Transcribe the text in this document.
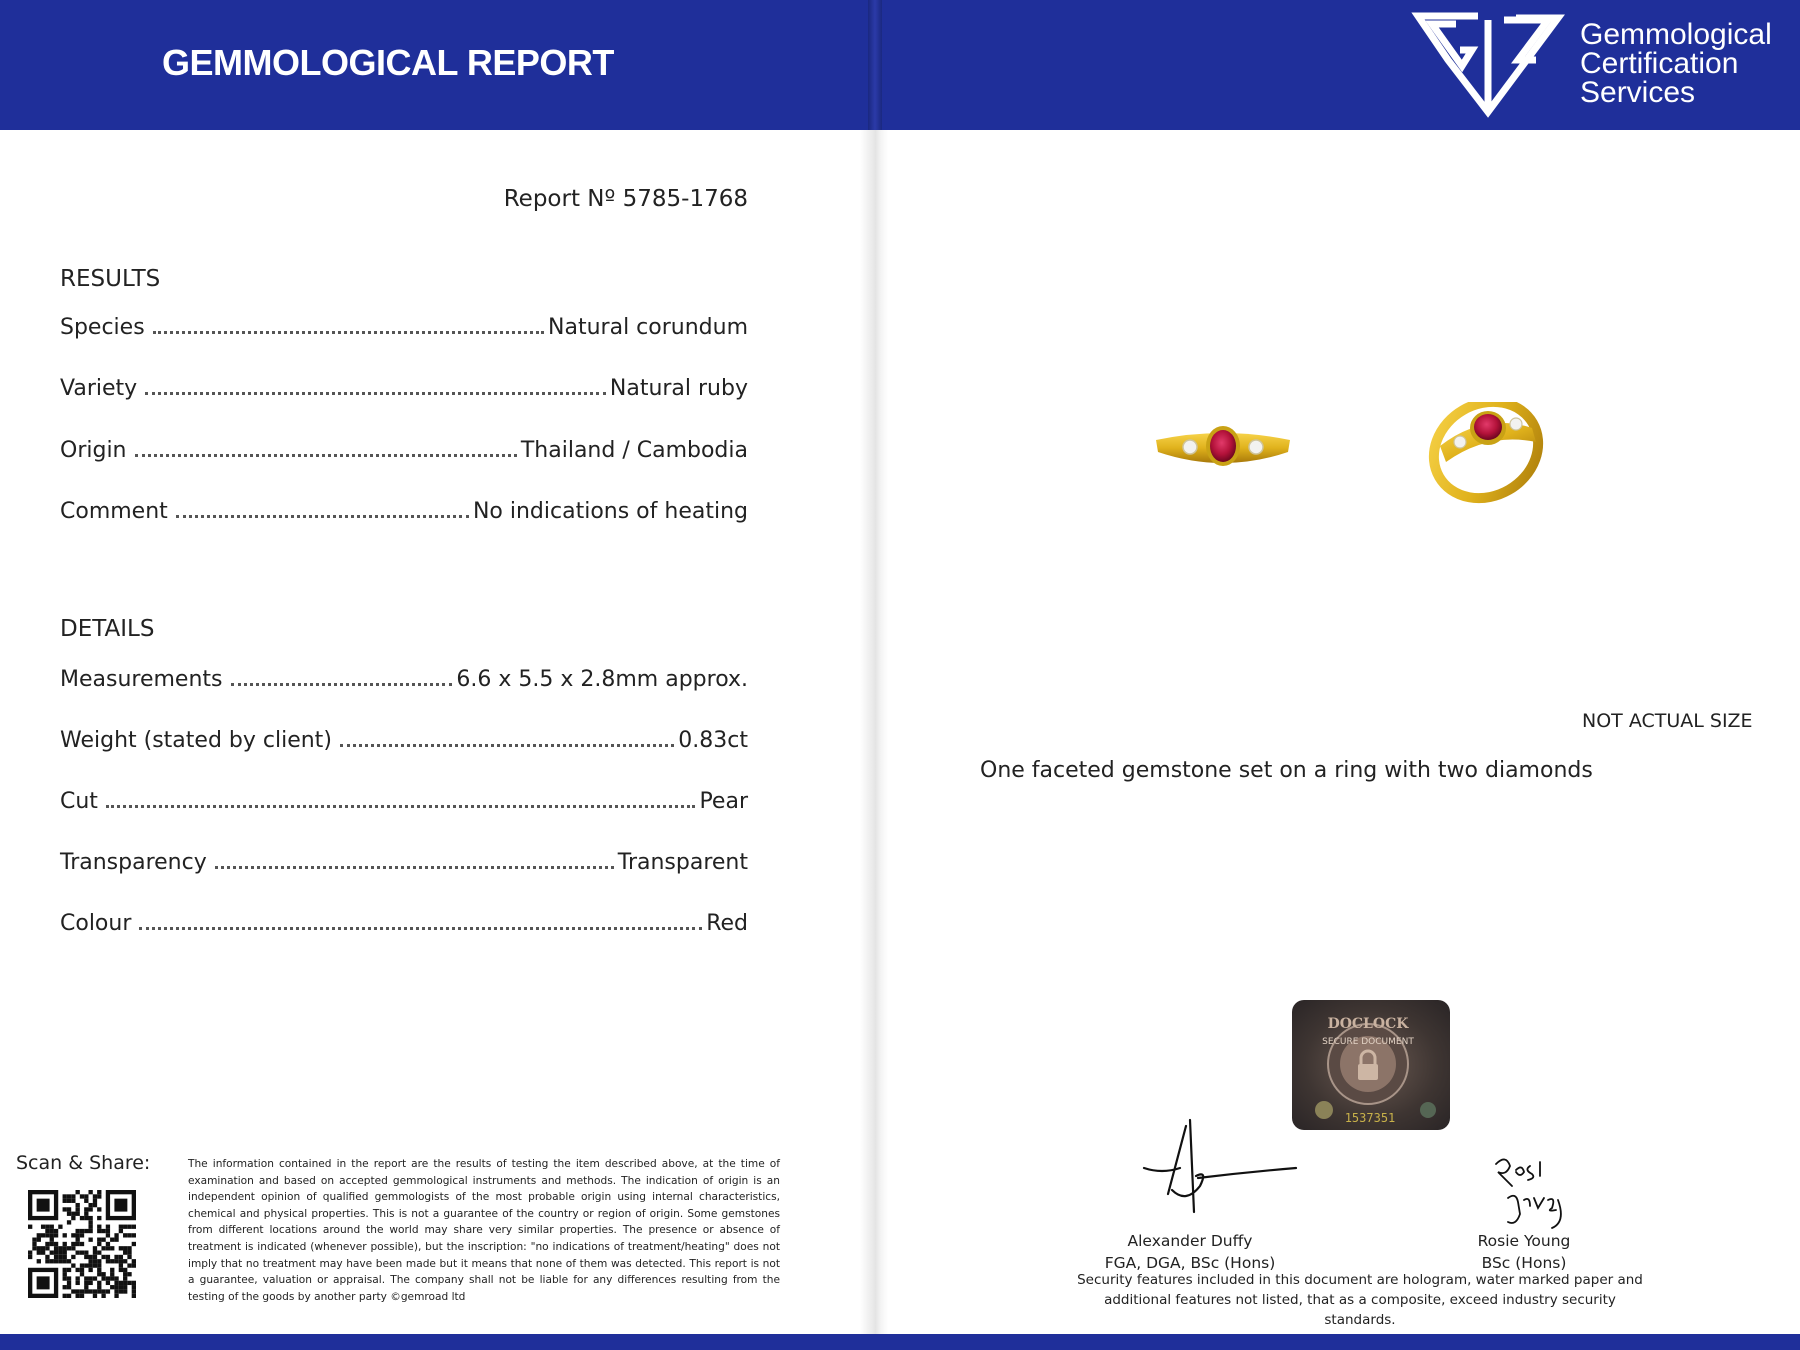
GEMMOLOGICAL REPORT
Gemmological
Certification
Services
Report Nº 5785-1768
RESULTS
Species	Natural corundum
Variety	Natural ruby
Origin	Thailand / Cambodia
Comment	No indications of heating
DETAILS
Measurements	6.6 x 5.5 x 2.8mm approx.
Weight (stated by client)	0.83ct
Cut	Pear
Transparency	Transparent
Colour	Red
Scan & Share:	The information contained in the report are the results of testing the item described above, at the time of examination and based on accepted gemmological instruments and methods. The indication of origin is an independent opinion of qualified gemmologists of the most probable origin using internal characteristics, chemical and physical properties. This is not a guarantee of the country or region of origin. Some gemstones from different locations around the world may share very similar properties. The presence or absence of treatment is indicated (whenever possible), but the inscription: "no indications of treatment/heating" does not imply that no treatment may have been made but it means that none of them was detected. This report is not a guarantee, valuation or appraisal. The company shall not be liable for any differences resulting from the testing of the goods by another party ©gemroad ltd
NOT ACTUAL SIZE
One faceted gemstone set on a ring with two diamonds
DOCLOCK
SECURE DOCUMENT
1537351
Alexander Duffy
FGA, DGA, BSc (Hons)
Rosie Young
BSc (Hons)
Security features included in this document are hologram, water marked paper and additional features not listed, that as a composite, exceed industry security standards.
